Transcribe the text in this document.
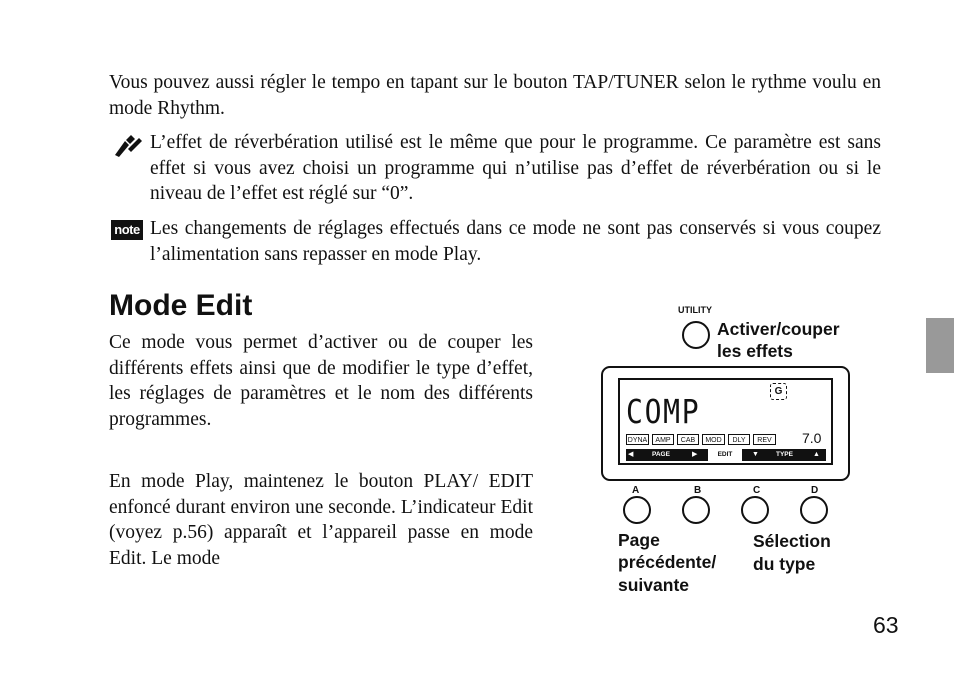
Vous pouvez aussi régler le tempo en tapant sur le bouton TAP/TUNER selon le rythme voulu en mode Rhythm.
L’effet de réverbération utilisé est le même que pour le programme. Ce paramètre est sans effet si vous avez choisi un programme qui n’utilise pas d’effet de réverbération ou si le niveau de l’effet est réglé sur “0”.
note Les changements de réglages effectués dans ce mode ne sont pas conservés si vous coupez l’alimentation sans repasser en mode Play.
Mode Edit
Ce mode vous permet d’activer ou de couper les différents effets ainsi que de modifier le type d’effet, les réglages de paramètres et le nom des différents programmes.
En mode Play, maintenez le bouton PLAY/ EDIT enfoncé durant environ une seconde. L’indicateur Edit (voyez p.56) apparaît et l’appareil passe en mode Edit. Le mode
UTILITY
Activer/couper
les effets
COMP
G
7.0
DYNA	AMP	CAB	MOD	DLY	REV
◀	PAGE	▶	EDIT	▼	TYPE	▲
A	B	C	D
Page
précédente/
suivante
Sélection
du type
63
